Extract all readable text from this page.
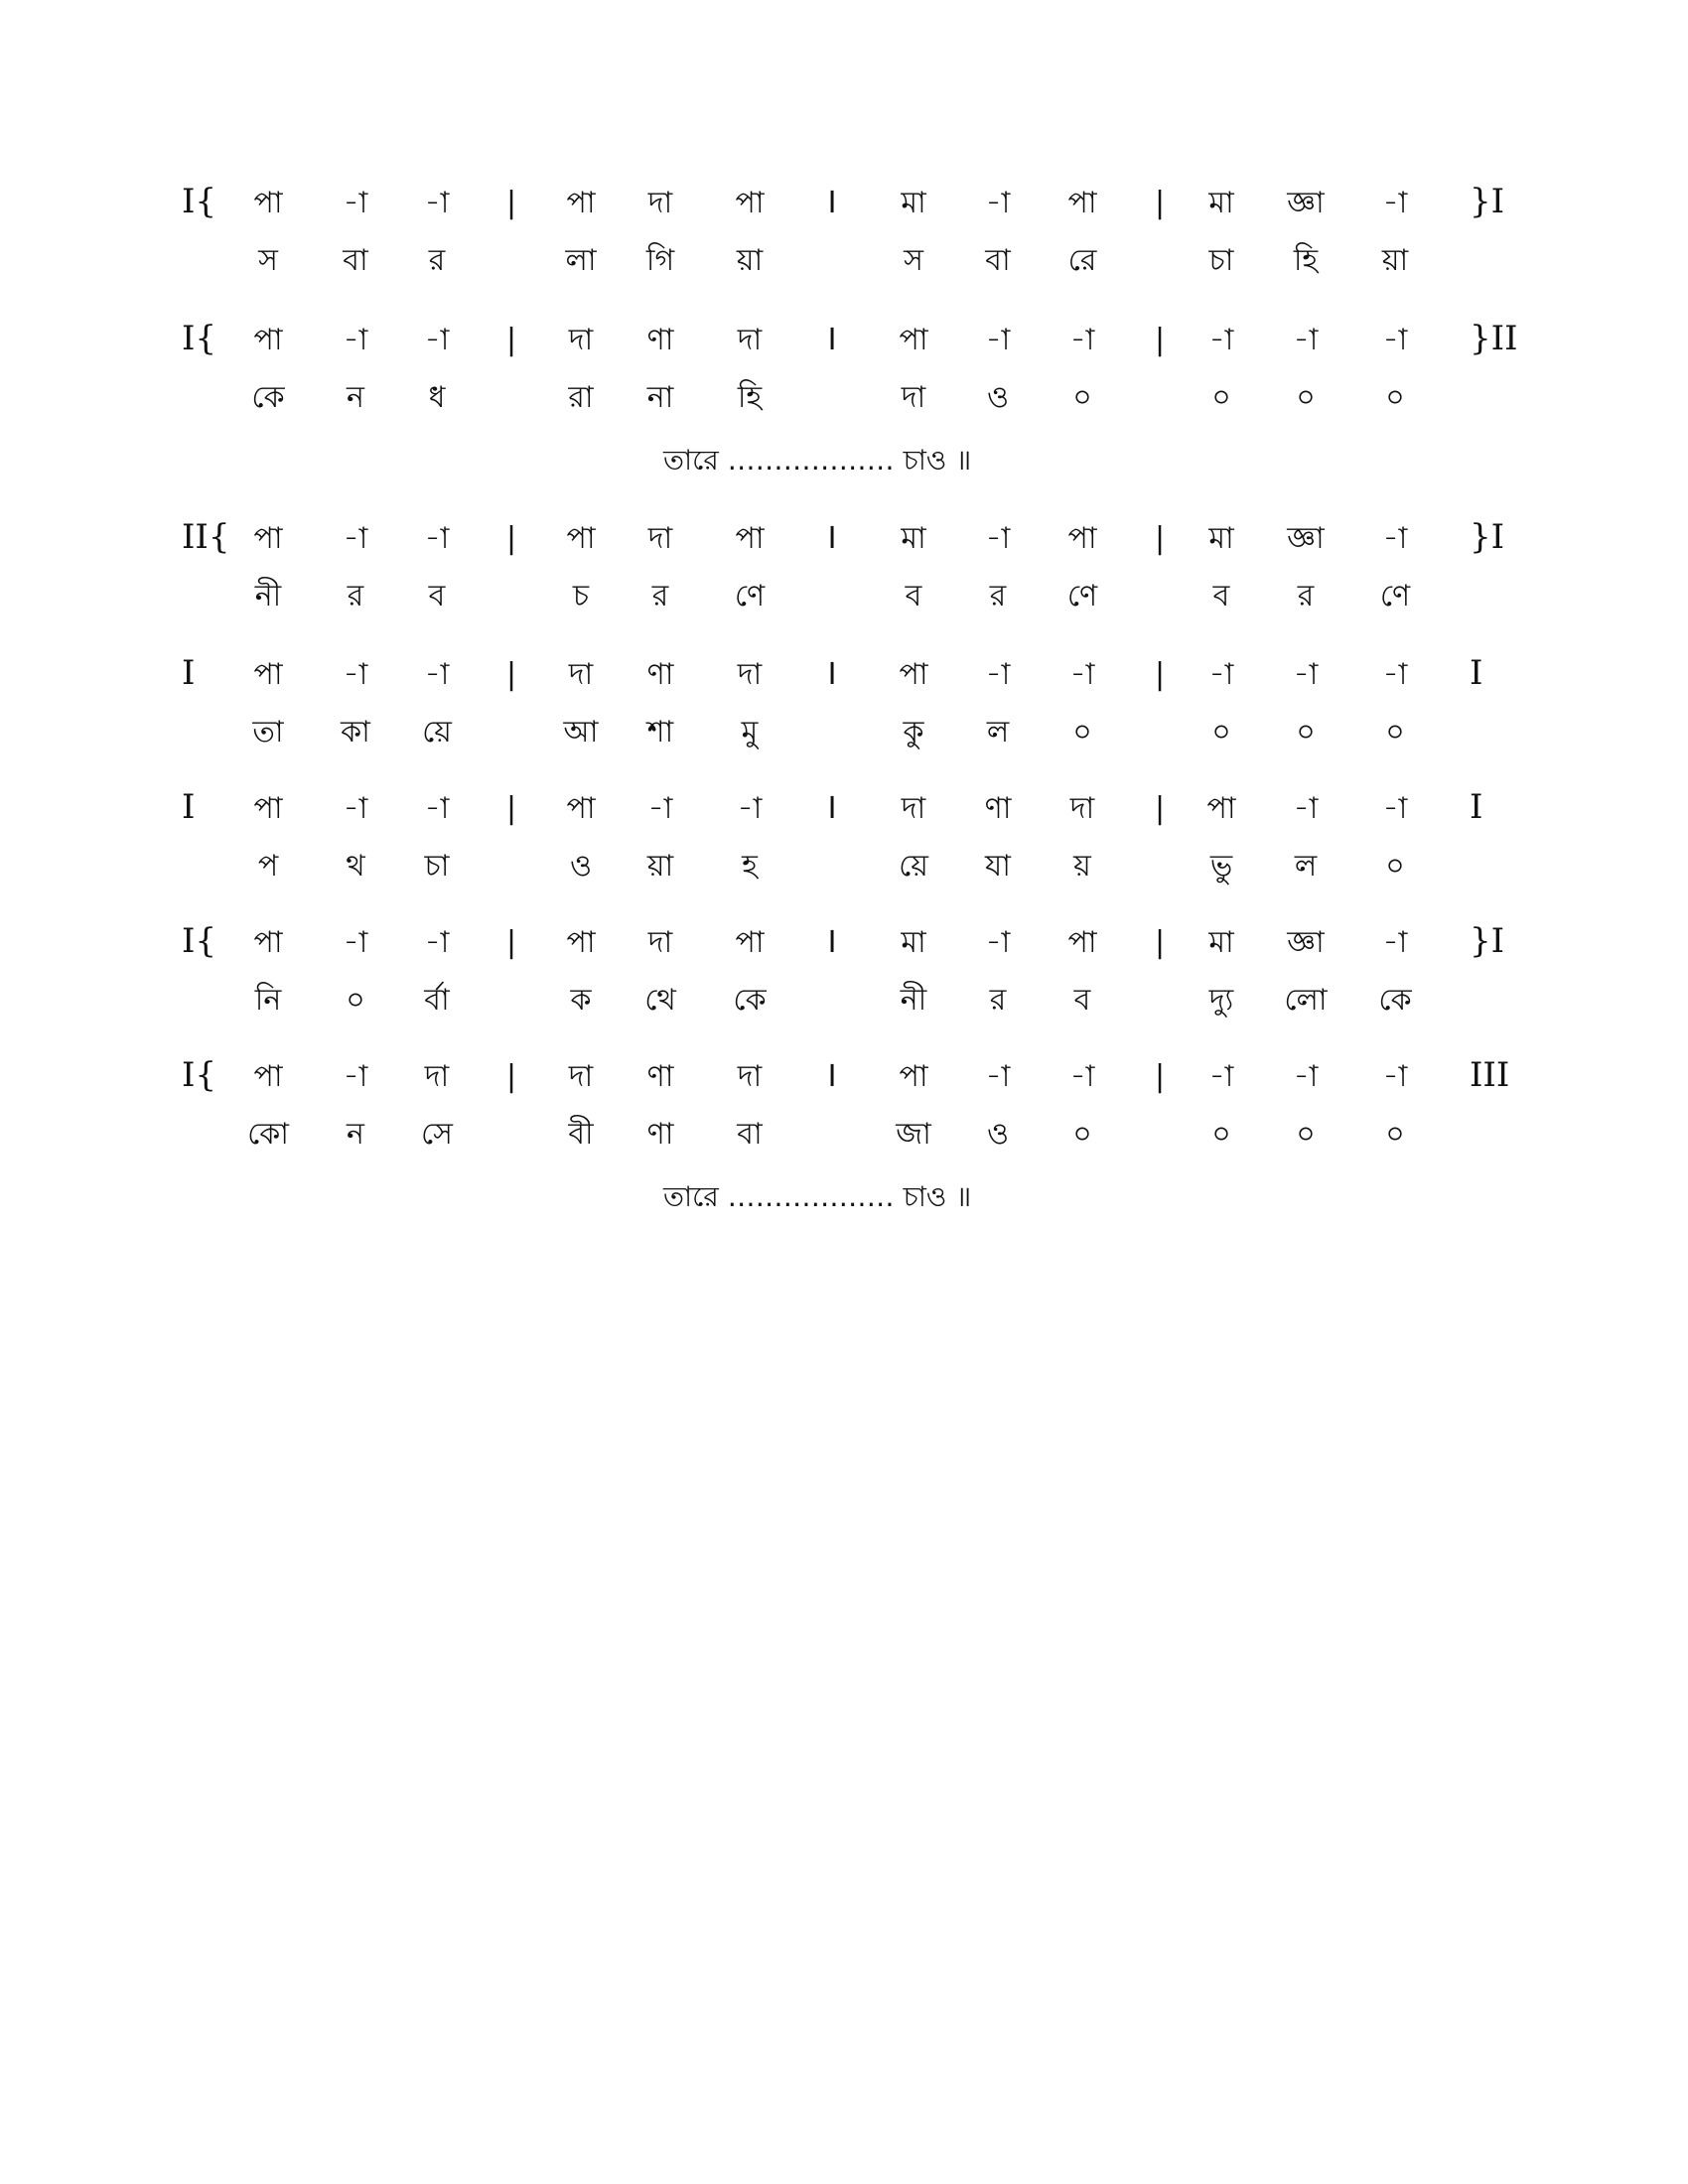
I{ পা -া -া | পা দা পা I মা -া পা | মা জ্ঞা -া }I
স বা র	লা গি য়া	স বা রে	চা হি য়া
I{ পা -া -া | দা ণা দা I পা -া -া | -া -া -া }II
কে ন ধ	রা না হি	দা ও ০	০ ০ ০
তারে ……………… চাও ॥
II{ পা -া -া | পা দা পা I মা -া পা | মা জ্ঞা -া }I
নী র ব	চ র ণে	ব র ণে	ব র ণে
I পা -া -া | দা ণা দা I পা -া -া | -া -া -া I
তা কা য়ে	আ শা মু	কু ল ০	০ ০ ০
I পা -া -া | পা -া -া I দা ণা দা | পা -া -া I
প থ চা	ও য়া হ	য়ে যা য়	ভু ল ০
I{ পা -া -া | পা দা পা I মা -া পা | মা জ্ঞা -া }I
নি ০ র্বা	ক থে কে	নী র ব	দ্যু লো কে
I{ পা -া দা | দা ণা দা I পা -া -া | -া -া -া III
কো ন সে	বী ণা বা	জা ও ০	০ ০ ০
তারে ……………… চাও ॥
